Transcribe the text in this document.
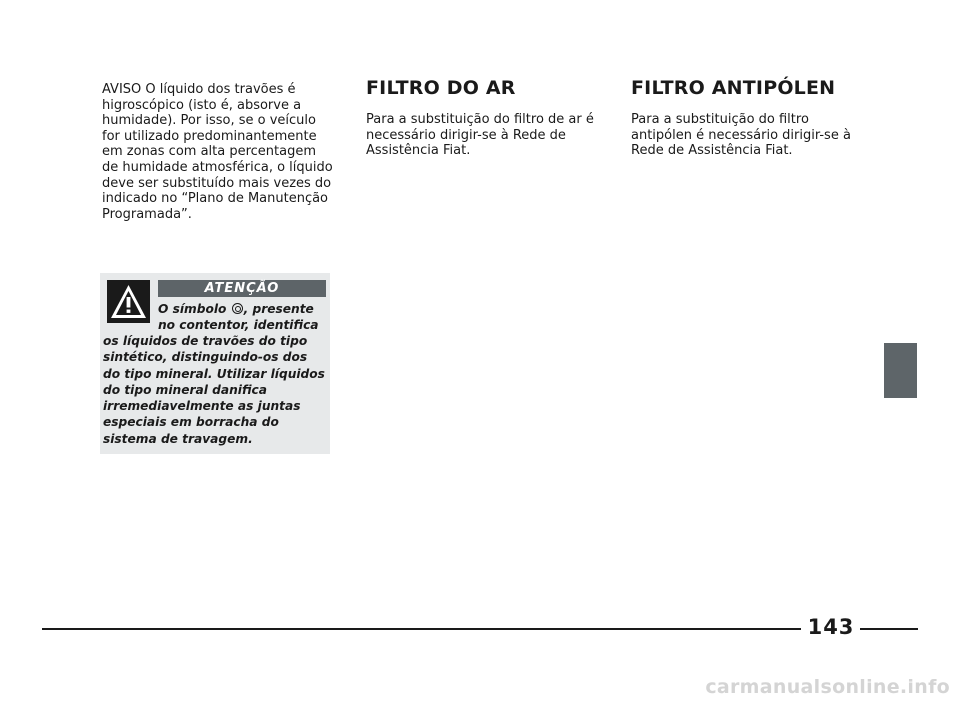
AVISO O líquido dos travões é higroscópico (isto é, absorve a humidade). Por isso, se o veículo for utilizado predominantemente em zonas com alta percentagem de humidade atmosférica, o líquido deve ser substituído mais vezes do indicado no “Plano de Manutenção Programada”.
ATENÇÃO
O símbolo , presente no contentor, identifica
os líquidos de travões do tipo sintético, distinguindo-os dos do tipo mineral. Utilizar líquidos do tipo mineral danifica irremediavelmente as juntas especiais em borracha do sistema de travagem.
FILTRO DO AR
Para a substituição do filtro de ar é necessário dirigir-se à Rede de Assistência Fiat.
FILTRO ANTIPÓLEN
Para a substituição do filtro antipólen é necessário dirigir-se à Rede de Assistência Fiat.
143
carmanualsonline.info
